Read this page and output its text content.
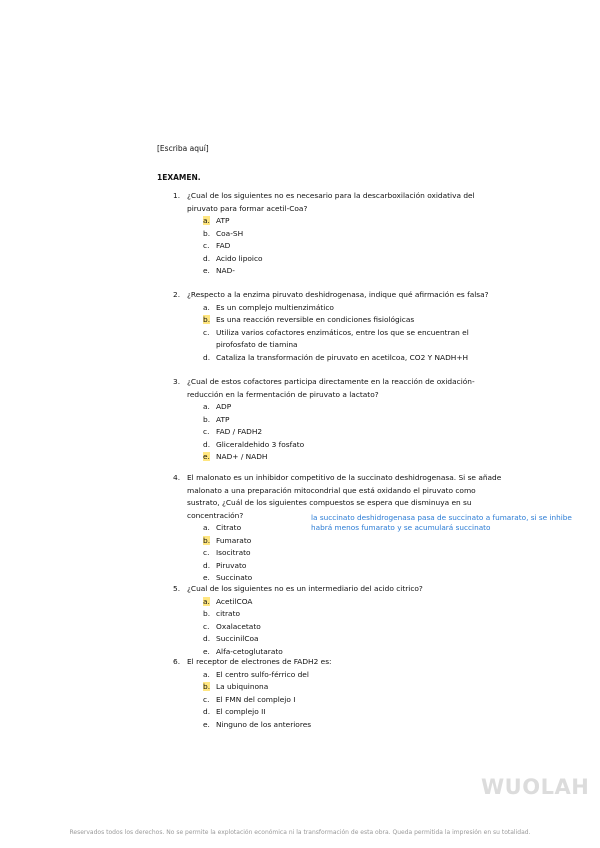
[Escriba aquí]
1EXAMEN.
1. ¿Cual de los siguientes no es necesario para la descarboxilación oxidativa del piruvato para formar acetil-Coa?
a. ATP
b. Coa-SH
c. FAD
d. Acido lipoico
e. NAD-
2. ¿Respecto a la enzima piruvato deshidrogenasa, indique qué afirmación es falsa?
a. Es un complejo multienzimático
b. Es una reacción reversible en condiciones fisiológicas
c. Utiliza varios cofactores enzimáticos, entre los que se encuentran el pirofosfato de tiamina
d. Cataliza la transformación de piruvato en acetilcoa, CO2 Y NADH+H
3. ¿Cual de estos cofactores participa directamente en la reacción de oxidación-reducción en la fermentación de piruvato a lactato?
a. ADP
b. ATP
c. FAD / FADH2
d. Gliceraldehido 3 fosfato
e. NAD+ / NADH
4. El malonato es un inhibidor competitivo de la succinato deshidrogenasa. Si se añade malonato a una preparación mitocondrial que está oxidando el piruvato como sustrato, ¿Cuál de los siguientes compuestos se espera que disminuya en su concentración?
a. Citrato
b. Fumarato
c. Isocitrato
d. Piruvato
e. Succinato
5. ¿Cual de los siguientes no es un intermediario del acido citrico?
a. AcetilCOA
b. citrato
c. Oxalacetato
d. SuccinilCoa
e. Alfa-cetoglutarato
6. El receptor de electrones de FADH2 es:
a. El centro sulfo-férrico del
b. La ubiquinona
c. El FMN del complejo I
d. El complejo II
e. Ninguno de los anteriores
la succinato deshidrogenasa pasa de succinato a fumarato, si se inhibe habrá menos fumarato y se acumulará succinato
WUOLAH
Reservados todos los derechos. No se permite la explotación económica ni la transformación de esta obra. Queda permitida la impresión en su totalidad.
